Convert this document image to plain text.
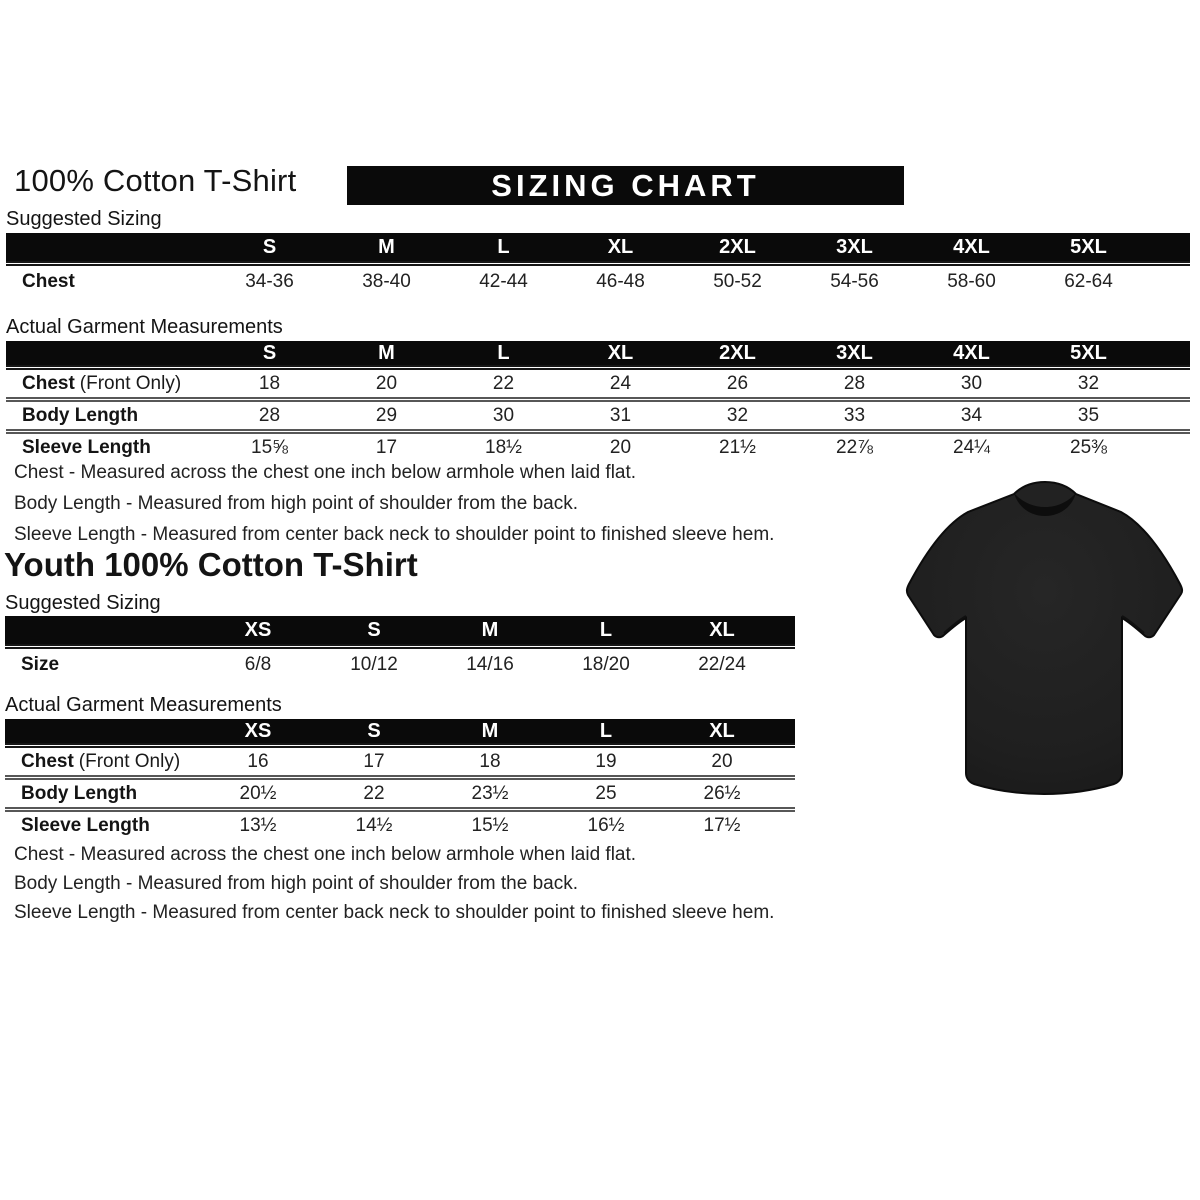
100% Cotton T-Shirt	SIZING CHART
Suggested Sizing
	S	M	L	XL	2XL	3XL	4XL	5XL	
Chest	34-36	38-40	42-44	46-48	50-52	54-56	58-60	62-64	
Actual Garment Measurements
	S	M	L	XL	2XL	3XL	4XL	5XL	
Chest (Front Only)	18	20	22	24	26	28	30	32	
Body Length	28	29	30	31	32	33	34	35	
Sleeve Length	15⅝	17	18½	20	21½	22⅞	24¼	25⅜	
Chest - Measured across the chest one inch below armhole when laid flat.
Body Length - Measured from high point of shoulder from the back.
Sleeve Length - Measured from center back neck to shoulder point to finished sleeve hem.
Youth 100% Cotton T-Shirt
Suggested Sizing
	XS	S	M	L	XL	
Size	6/8	10/12	14/16	18/20	22/24	
Actual Garment Measurements
	XS	S	M	L	XL	
Chest (Front Only)	16	17	18	19	20	
Body Length	20½	22	23½	25	26½	
Sleeve Length	13½	14½	15½	16½	17½	
Chest - Measured across the chest one inch below armhole when laid flat.
Body Length - Measured from high point of shoulder from the back.
Sleeve Length - Measured from center back neck to shoulder point to finished sleeve hem.
